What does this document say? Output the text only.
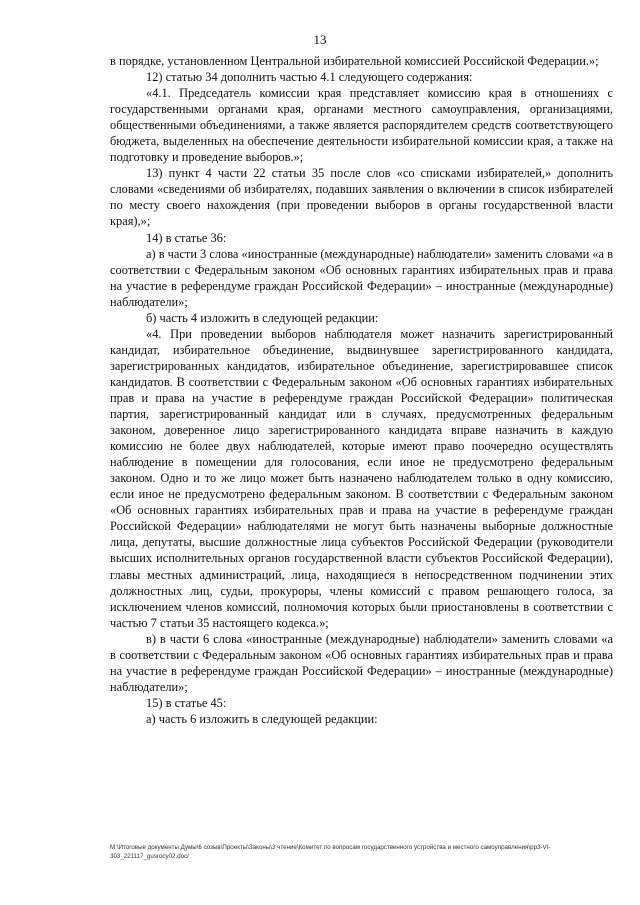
13

в порядке, установленном Центральной избирательной комиссией Российской Федерации.»;

12) статью 34 дополнить частью 4.1 следующего содержания:

«4.1. Председатель комиссии края представляет комиссию края в отношениях с государственными органами края, органами местного самоуправления, организациями, общественными объединениями, а также является распорядителем средств соответствующего бюджета, выделенных на обеспечение деятельности избирательной комиссии края, а также на подготовку и проведение выборов.»;

13) пункт 4 части 22 статьи 35 после слов «со списками избирателей,» дополнить словами «сведениями об избирателях, подавших заявления о включении в список избирателей по месту своего нахождения (при проведении выборов в органы государственной власти края),»;

14) в статье 36:

а) в части 3 слова «иностранные (международные) наблюдатели» заменить словами «а в соответствии с Федеральным законом «Об основных гарантиях избирательных прав и права на участие в референдуме граждан Российской Федерации» – иностранные (международные) наблюдатели»;

б) часть 4 изложить в следующей редакции:

«4. При проведении выборов наблюдателя может назначить зарегистрированный кандидат, избирательное объединение, выдвинувшее зарегистрированного кандидата, зарегистрированных кандидатов, избирательное объединение, зарегистрировавшее список кандидатов. В соответствии с Федеральным законом «Об основных гарантиях избирательных прав и права на участие в референдуме граждан Российской Федерации» политическая партия, зарегистрированный кандидат или в случаях, предусмотренных федеральным законом, доверенное лицо зарегистрированного кандидата вправе назначить в каждую комиссию не более двух наблюдателей, которые имеют право поочередно осуществлять наблюдение в помещении для голосования, если иное не предусмотрено федеральным законом. Одно и то же лицо может быть назначено наблюдателем только в одну комиссию, если иное не предусмотрено федеральным законом. В соответствии с Федеральным законом «Об основных гарантиях избирательных прав и права на участие в референдуме граждан Российской Федерации» наблюдателями не могут быть назначены выборные должностные лица, депутаты, высшие должностные лица субъектов Российской Федерации (руководители высших исполнительных органов государственной власти субъектов Российской Федерации), главы местных администраций, лица, находящиеся в непосредственном подчинении этих должностных лиц, судьи, прокуроры, члены комиссий с правом решающего голоса, за исключением членов комиссий, полномочия которых были приостановлены в соответствии с частью 7 статьи 35 настоящего кодекса.»;

в) в части 6 слова «иностранные (международные) наблюдатели» заменить словами «а в соответствии с Федеральным законом «Об основных гарантиях избирательных прав и права на участие в референдуме граждан Российской Федерации» – иностранные (международные) наблюдатели»;

15) в статье 45:

а) часть 6 изложить в следующей редакции:

M:\Итоговые документы Думы\6 созыв\Проекты\Законы\3 чтение\Комитет по вопросам государственного устройства и местного самоуправления\pp3-VI-303_221117_gusrocy02.doc/
